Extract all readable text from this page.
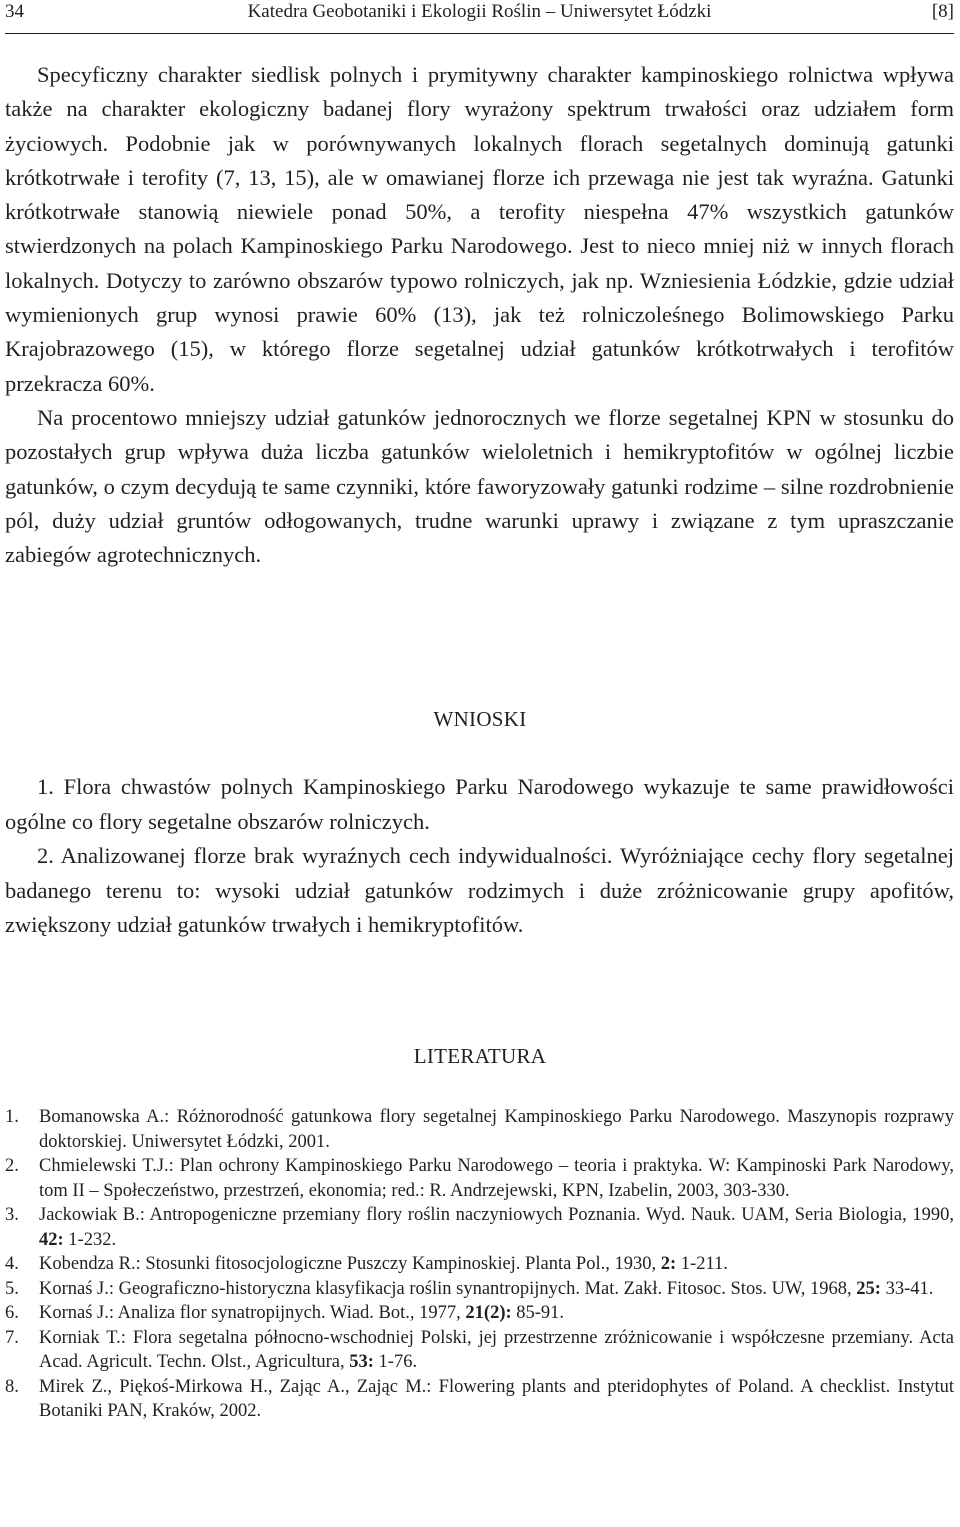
34	Katedra Geobotaniki i Ekologii Roślin – Uniwersytet Łódzki	[8]

Specyficzny charakter siedlisk polnych i prymitywny charakter kampinoskiego rolnictwa wpływa także na charakter ekologiczny badanej flory wyrażony spektrum trwałości oraz udziałem form życiowych. Podobnie jak w porównywanych lokalnych florach segetalnych dominują gatunki krótkotrwałe i terofity (7, 13, 15), ale w omawianej florze ich przewaga nie jest tak wyraźna. Gatunki krótkotrwałe stanowią niewiele ponad 50%, a terofity niespełna 47% wszystkich gatunków stwierdzonych na polach Kampinoskiego Parku Narodowego. Jest to nieco mniej niż w innych florach lokalnych. Dotyczy to zarówno obszarów typowo rolniczych, jak np. Wzniesienia Łódzkie, gdzie udział wymienionych grup wynosi prawie 60% (13), jak też rolniczoleśnego Bolimowskiego Parku Krajobrazowego (15), w którego florze segetalnej udział gatunków krótkotrwałych i terofitów przekracza 60%.

Na procentowo mniejszy udział gatunków jednorocznych we florze segetalnej KPN w stosunku do pozostałych grup wpływa duża liczba gatunków wieloletnich i hemikryptofitów w ogólnej liczbie gatunków, o czym decydują te same czynniki, które faworyzowały gatunki rodzime – silne rozdrobnienie pól, duży udział gruntów odłogowanych, trudne warunki uprawy i związane z tym upraszczanie zabiegów agrotechnicznych.

WNIOSKI

1. Flora chwastów polnych Kampinoskiego Parku Narodowego wykazuje te same prawidłowości ogólne co flory segetalne obszarów rolniczych.

2. Analizowanej florze brak wyraźnych cech indywidualności. Wyróżniające cechy flory segetalnej badanego terenu to: wysoki udział gatunków rodzimych i duże zróżnicowanie grupy apofitów, zwiększony udział gatunków trwałych i hemikryptofitów.

LITERATURA
1. Bomanowska A.: Różnorodność gatunkowa flory segetalnej Kampinoskiego Parku Narodowego. Maszynopis rozprawy doktorskiej. Uniwersytet Łódzki, 2001.
2. Chmielewski T.J.: Plan ochrony Kampinoskiego Parku Narodowego – teoria i praktyka. W: Kampinoski Park Narodowy, tom II – Społeczeństwo, przestrzeń, ekonomia; red.: R. Andrzejewski, KPN, Izabelin, 2003, 303-330.
3. Jackowiak B.: Antropogeniczne przemiany flory roślin naczyniowych Poznania. Wyd. Nauk. UAM, Seria Biologia, 1990, 42: 1-232.
4. Kobendza R.: Stosunki fitosocjologiczne Puszczy Kampinoskiej. Planta Pol., 1930, 2: 1-211.
5. Kornaś J.: Geograficzno-historyczna klasyfikacja roślin synantropijnych. Mat. Zakł. Fitosoc. Stos. UW, 1968, 25: 33-41.
6. Kornaś J.: Analiza flor synatropijnych. Wiad. Bot., 1977, 21(2): 85-91.
7. Korniak T.: Flora segetalna północno-wschodniej Polski, jej przestrzenne zróżnicowanie i współczesne przemiany. Acta Acad. Agricult. Techn. Olst., Agricultura, 53: 1-76.
8. Mirek Z., Piękoś-Mirkowa H., Zając A., Zając M.: Flowering plants and pteridophytes of Poland. A checklist. Instytut Botaniki PAN, Kraków, 2002.
